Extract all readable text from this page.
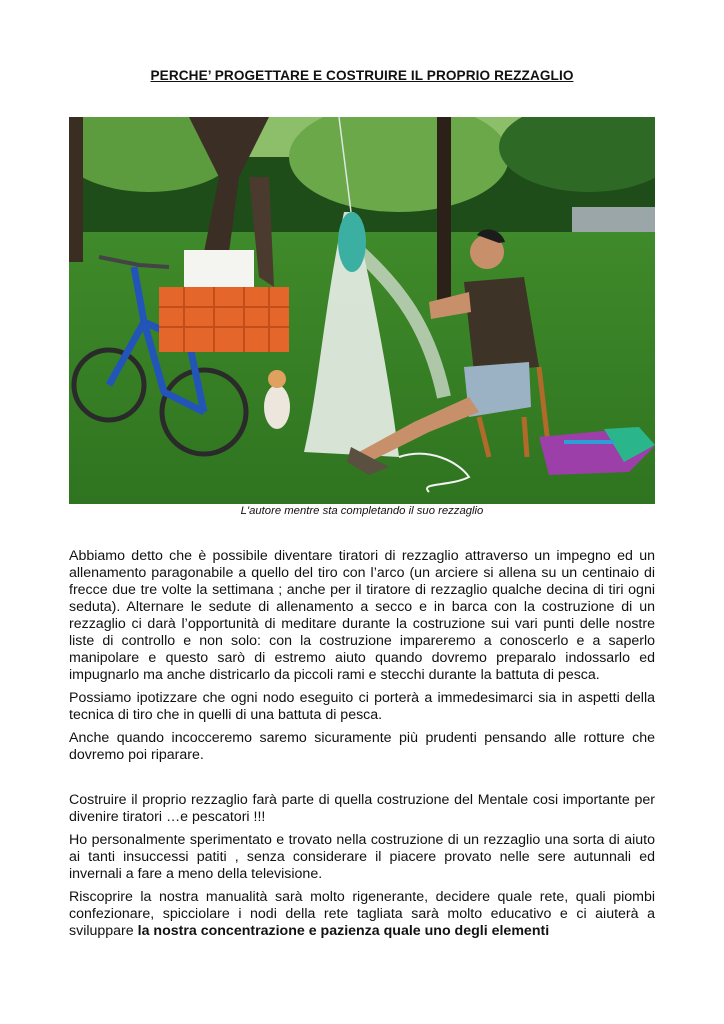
PERCHE’ PROGETTARE E COSTRUIRE IL PROPRIO REZZAGLIO
L'autore mentre sta completando il suo rezzaglio

Abbiamo detto che è possibile diventare tiratori di rezzaglio attraverso un impegno ed un allenamento paragonabile a quello del tiro con l’arco (un arciere si allena su un centinaio di frecce due tre volte la settimana ; anche per il tiratore di rezzaglio qualche decina di tiri ogni seduta). Alternare le sedute di allenamento a secco e in barca con la costruzione di un rezzaglio ci darà l’opportunità di meditare durante la costruzione sui vari punti delle nostre liste di controllo e non solo: con la costruzione impareremo a conoscerlo e a saperlo manipolare e questo sarò di estremo aiuto quando dovremo preparalo indossarlo ed impugnarlo ma anche districarlo da piccoli rami e stecchi durante la battuta di pesca.

Possiamo ipotizzare che ogni nodo eseguito ci porterà a immedesimarci sia in aspetti della tecnica di tiro che in quelli di una battuta di pesca.

Anche quando incocceremo saremo sicuramente più prudenti pensando alle rotture che dovremo poi riparare.

Costruire il proprio rezzaglio farà parte di quella costruzione del Mentale cosi importante per divenire tiratori …e pescatori !!!

Ho personalmente sperimentato e trovato nella costruzione di un rezzaglio una sorta di aiuto ai tanti insuccessi patiti , senza considerare il piacere provato nelle sere autunnali ed invernali a fare a meno della televisione.

Riscoprire la nostra manualità sarà molto rigenerante, decidere quale rete, quali piombi confezionare, spicciolare i nodi della rete tagliata sarà molto educativo e ci aiuterà a sviluppare la nostra concentrazione e pazienza quale uno degli elementi
